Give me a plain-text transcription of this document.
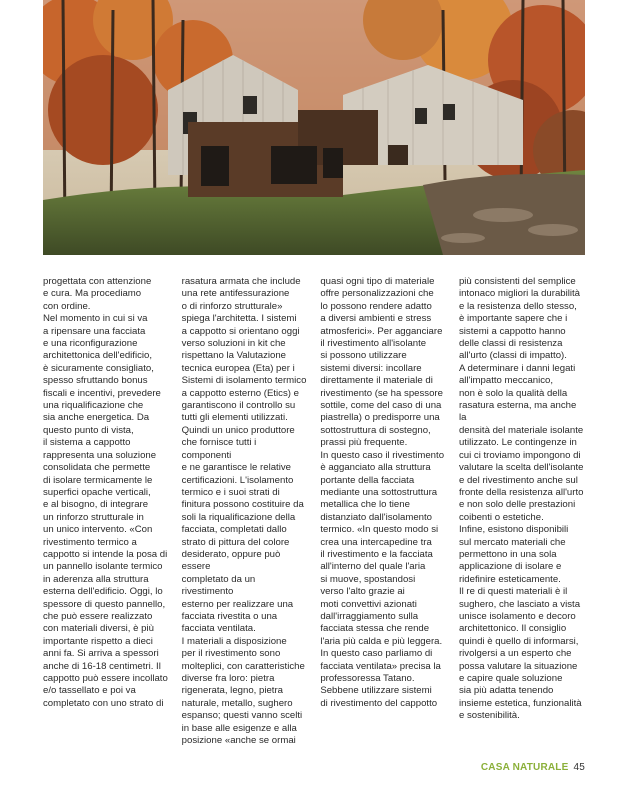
progettata con attenzione

e cura. Ma procediamo

con ordine.

Nel momento in cui si va

a ripensare una facciata

e una riconfigurazione

architettonica dell'edificio,

è sicuramente consigliato,

spesso sfruttando bonus

fiscali e incentivi, prevedere

una riqualificazione che

sia anche energetica. Da

questo punto di vista,

il sistema a cappotto

rappresenta una soluzione

consolidata che permette

di isolare termicamente le

superfici opache verticali,

e al bisogno, di integrare

un rinforzo strutturale in

un unico intervento. «Con

rivestimento termico a

cappotto si intende la posa di

un pannello isolante termico

in aderenza alla struttura

esterna dell'edificio. Oggi, lo

spessore di questo pannello,

che può essere realizzato

con materiali diversi, è più

importante rispetto a dieci

anni fa. Si arriva a spessori

anche di 16-18 centimetri. Il

cappotto può essere incollato

e/o tassellato e poi va

completato con uno strato di

rasatura armata che include

una rete antifessurazione

o di rinforzo strutturale»

spiega l'architetta. I sistemi

a cappotto si orientano oggi

verso soluzioni in kit che

rispettano la Valutazione

tecnica europea (Eta) per i

Sistemi di isolamento termico

a cappotto esterno (Etics) e

garantiscono il controllo su

tutti gli elementi utilizzati.

Quindi un unico produttore

che fornisce tutti i componenti

e ne garantisce le relative

certificazioni. L'isolamento

termico e i suoi strati di

finitura possono costituire da

soli la riqualificazione della

facciata, completati dallo

strato di pittura del colore

desiderato, oppure può essere

completato da un rivestimento

esterno per realizzare una

facciata rivestita o una

facciata ventilata.

I materiali a disposizione

per il rivestimento sono

molteplici, con caratteristiche

diverse fra loro: pietra

rigenerata, legno, pietra

naturale, metallo, sughero

espanso; questi vanno scelti

in base alle esigenze e alla

posizione «anche se ormai

quasi ogni tipo di materiale

offre personalizzazioni che

lo possono rendere adatto

a diversi ambienti e stress

atmosferici». Per agganciare

il rivestimento all'isolante

si possono utilizzare

sistemi diversi: incollare

direttamente il materiale di

rivestimento (se ha spessore

sottile, come del caso di una

piastrella) o predisporre una

sottostruttura di sostegno,

prassi più frequente.

In questo caso il rivestimento

è agganciato alla struttura

portante della facciata

mediante una sottostruttura

metallica che lo tiene

distanziato dall'isolamento

termico. «In questo modo si

crea una intercapedine tra

il rivestimento e la facciata

all'interno del quale l'aria

si muove, spostandosi

verso l'alto grazie ai

moti convettivi azionati

dall'irraggiamento sulla

facciata stessa che rende

l'aria più calda e più leggera.

In questo caso parliamo di

facciata ventilata» precisa la

professoressa Tatano.

Sebbene utilizzare sistemi

di rivestimento del cappotto

più consistenti del semplice

intonaco migliori la durabilità

e la resistenza dello stesso,

è importante sapere che i

sistemi a cappotto hanno

delle classi di resistenza

all'urto (classi di impatto).

A determinare i danni legati

all'impatto meccanico,

non è solo la qualità della

rasatura esterna, ma anche la

densità del materiale isolante

utilizzato. Le contingenze in

cui ci troviamo impongono di

valutare la scelta dell'isolante

e del rivestimento anche sul

fronte della resistenza all'urto

e non solo delle prestazioni

coibenti o estetiche.

Infine, esistono disponibili

sul mercato materiali che

permettono in una sola

applicazione di isolare e

ridefinire esteticamente.

Il re di questi materiali è il

sughero, che lasciato a vista

unisce isolamento e decoro

architettonico. Il consiglio

quindi è quello di informarsi,

rivolgersi a un esperto che

possa valutare la situazione

e capire quale soluzione

sia più adatta tenendo

insieme estetica, funzionalità

e sostenibilità.

CASA NATURALE 45
